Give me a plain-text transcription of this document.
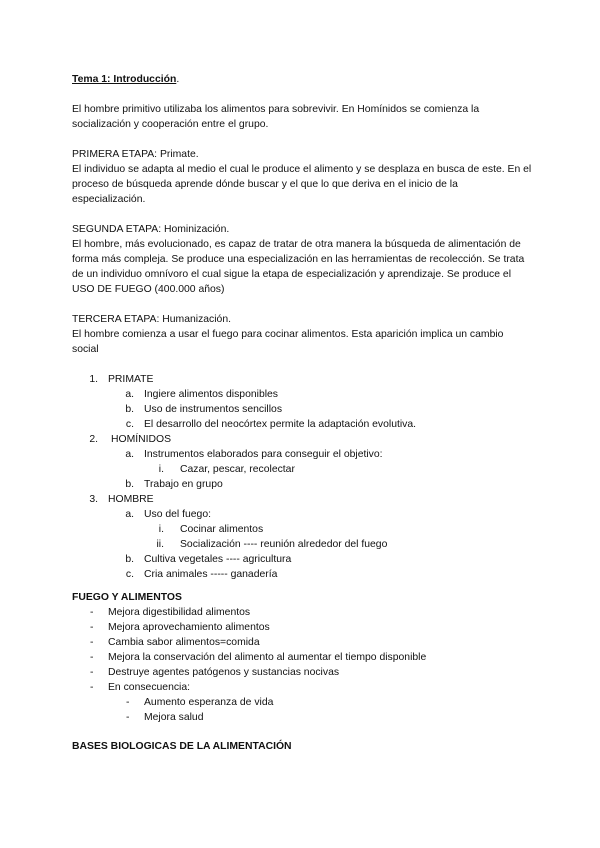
Tema 1: Introducción.

El hombre primitivo utilizaba los alimentos para sobrevivir. En Homínidos se comienza la socialización y cooperación entre el grupo.

PRIMERA ETAPA: Primate.

El individuo se adapta al medio el cual le produce el alimento y se desplaza en busca de este. En el proceso de búsqueda aprende dónde buscar y el que lo que deriva en el inicio de la especialización.

SEGUNDA ETAPA: Hominización.

El hombre, más evolucionado, es capaz de tratar de otra manera la búsqueda de alimentación de forma más compleja. Se produce una especialización en las herramientas de recolección. Se trata de un individuo omnívoro el cual sigue la etapa de especialización y aprendizaje. Se produce el USO DE FUEGO (400.000 años)

TERCERA ETAPA: Humanización.

El hombre comienza a usar el fuego para cocinar alimentos. Esta aparición implica un cambio social

1. PRIMATE
a. Ingiere alimentos disponibles
b. Uso de instrumentos sencillos
c. El desarrollo del neocórtex permite la adaptación evolutiva.
2. HOMÍNIDOS
a. Instrumentos elaborados para conseguir el objetivo:
i. Cazar, pescar, recolectar
b. Trabajo en grupo
3. HOMBRE
a. Uso del fuego:
i. Cocinar alimentos
ii. Socialización ---- reunión alrededor del fuego
b. Cultiva vegetales ---- agricultura
c. Cria animales ----- ganadería

FUEGO Y ALIMENTOS

- Mejora digestibilidad alimentos
- Mejora aprovechamiento alimentos
- Cambia sabor alimentos=comida
- Mejora la conservación del alimento al aumentar el tiempo disponible
- Destruye agentes patógenos y sustancias nocivas
- En consecuencia:
- Aumento esperanza de vida
- Mejora salud

BASES BIOLOGICAS DE LA ALIMENTACIÓN
